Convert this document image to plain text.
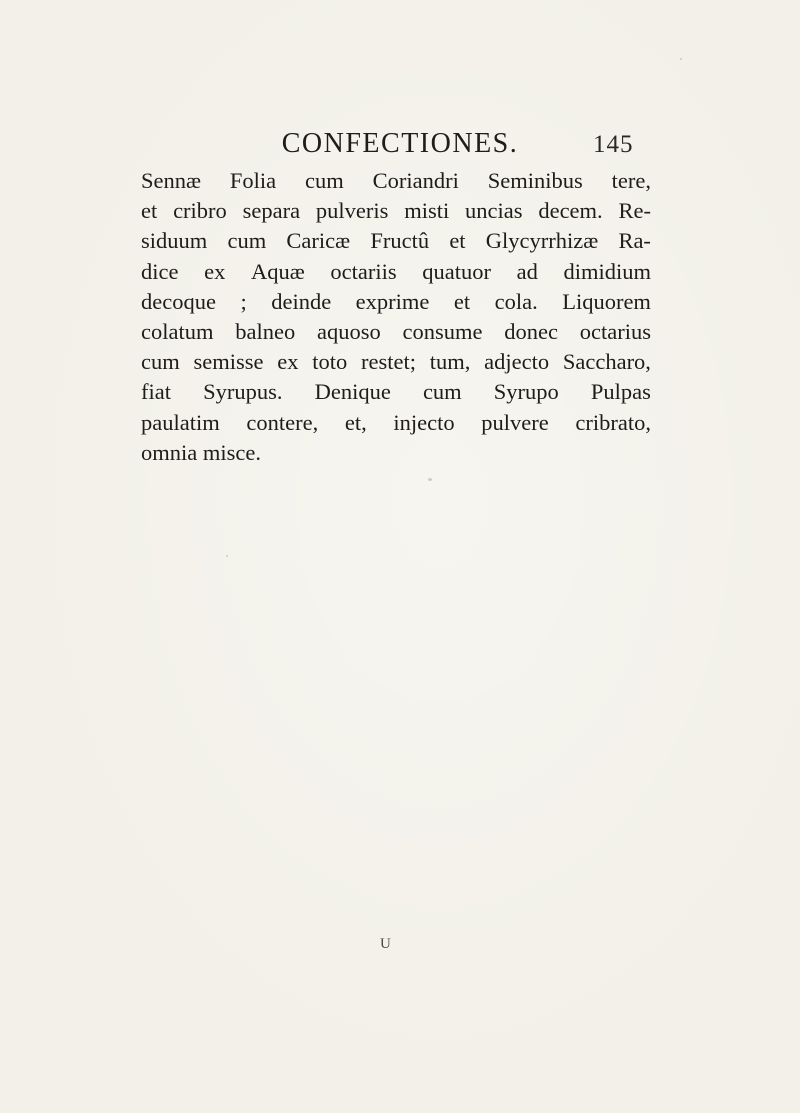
CONFECTIONES.	145
Sennæ Folia cum Coriandri Seminibus tere,
et cribro separa pulveris misti uncias decem. Re-
siduum cum Caricæ Fructû et Glycyrrhizæ Ra-
dice ex Aquæ octariis quatuor ad dimidium
decoque ; deinde exprime et cola. Liquorem
colatum balneo aquoso consume donec octarius
cum semisse ex toto restet; tum, adjecto Saccharo,
fiat Syrupus. Denique cum Syrupo Pulpas
paulatim contere, et, injecto pulvere cribrato,
omnia misce.

U
